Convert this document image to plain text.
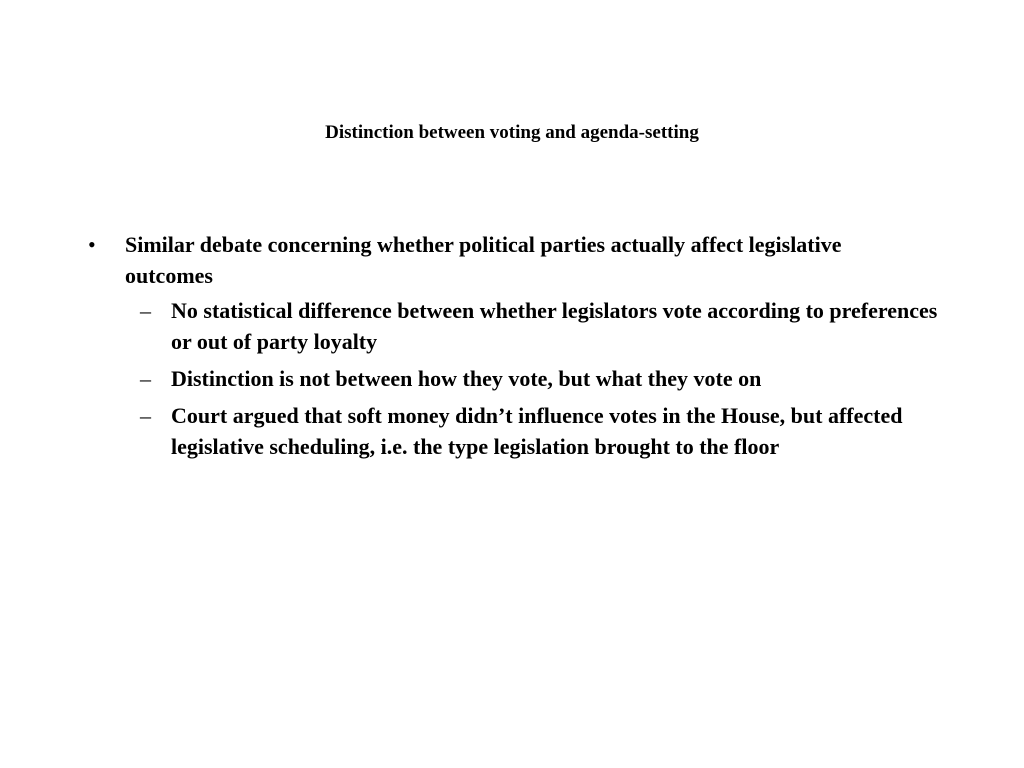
Distinction between voting and agenda-setting
• Similar debate concerning whether political parties actually affect legislative outcomes
– No statistical difference between whether legislators vote according to preferences or out of party loyalty
– Distinction is not between how they vote, but what they vote on
– Court argued that soft money didn’t influence votes in the House, but affected legislative scheduling, i.e. the type legislation brought to the floor
